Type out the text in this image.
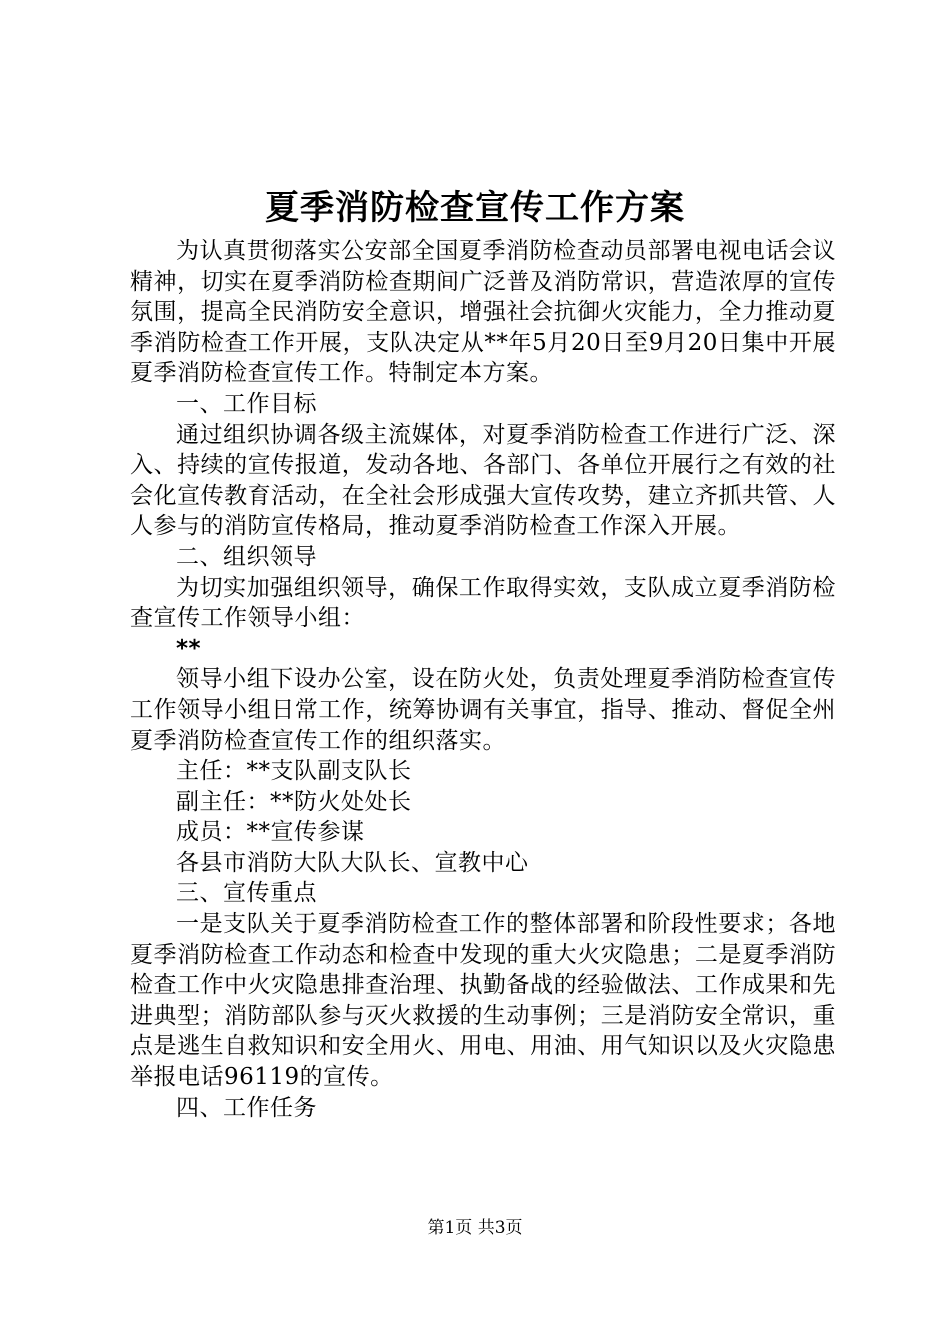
夏季消防检查宣传工作方案

为认真贯彻落实公安部全国夏季消防检查动员部署电视电话会议精神，切实在夏季消防检查期间广泛普及消防常识，营造浓厚的宣传氛围，提高全民消防安全意识，增强社会抗御火灾能力，全力推动夏季消防检查工作开展，支队决定从**年5月20日至9月20日集中开展夏季消防检查宣传工作。特制定本方案。

一、工作目标

通过组织协调各级主流媒体，对夏季消防检查工作进行广泛、深入、持续的宣传报道，发动各地、各部门、各单位开展行之有效的社会化宣传教育活动，在全社会形成强大宣传攻势，建立齐抓共管、人人参与的消防宣传格局，推动夏季消防检查工作深入开展。

二、组织领导

为切实加强组织领导，确保工作取得实效，支队成立夏季消防检查宣传工作领导小组：

**

领导小组下设办公室，设在防火处，负责处理夏季消防检查宣传工作领导小组日常工作，统筹协调有关事宜，指导、推动、督促全州夏季消防检查宣传工作的组织落实。

主任：**支队副支队长

副主任：**防火处处长

成员：**宣传参谋

各县市消防大队大队长、宣教中心

三、宣传重点

一是支队关于夏季消防检查工作的整体部署和阶段性要求；各地夏季消防检查工作动态和检查中发现的重大火灾隐患；二是夏季消防检查工作中火灾隐患排查治理、执勤备战的经验做法、工作成果和先进典型；消防部队参与灭火救援的生动事例；三是消防安全常识，重点是逃生自救知识和安全用火、用电、用油、用气知识以及火灾隐患举报电话96119的宣传。

四、工作任务

第1页 共3页
